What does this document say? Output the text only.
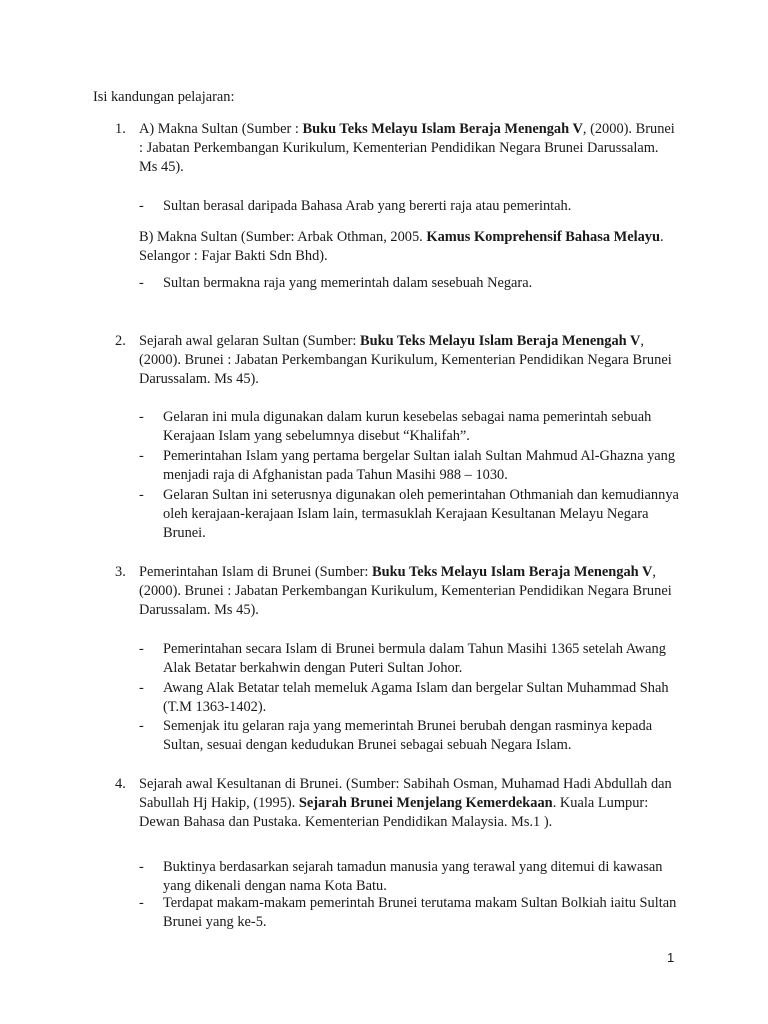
Isi kandungan pelajaran:
1. A) Makna Sultan (Sumber : Buku Teks Melayu Islam Beraja Menengah V, (2000). Brunei : Jabatan Perkembangan Kurikulum, Kementerian Pendidikan Negara Brunei Darussalam. Ms 45).
- Sultan berasal daripada Bahasa Arab yang bererti raja atau pemerintah.
B) Makna Sultan (Sumber: Arbak Othman, 2005. Kamus Komprehensif Bahasa Melayu. Selangor : Fajar Bakti Sdn Bhd).
- Sultan bermakna raja yang memerintah dalam sesebuah Negara.
2. Sejarah awal gelaran Sultan (Sumber: Buku Teks Melayu Islam Beraja Menengah V, (2000). Brunei : Jabatan Perkembangan Kurikulum, Kementerian Pendidikan Negara Brunei Darussalam. Ms 45).
- Gelaran ini mula digunakan dalam kurun kesebelas sebagai nama pemerintah sebuah Kerajaan Islam yang sebelumnya disebut “Khalifah”.
- Pemerintahan Islam yang pertama bergelar Sultan ialah Sultan Mahmud Al-Ghazna yang menjadi raja di Afghanistan pada Tahun Masihi 988 – 1030.
- Gelaran Sultan ini seterusnya digunakan oleh pemerintahan Othmaniah dan kemudiannya oleh kerajaan-kerajaan Islam lain, termasuklah Kerajaan Kesultanan Melayu Negara Brunei.
3. Pemerintahan Islam di Brunei (Sumber: Buku Teks Melayu Islam Beraja Menengah V, (2000). Brunei : Jabatan Perkembangan Kurikulum, Kementerian Pendidikan Negara Brunei Darussalam. Ms 45).
- Pemerintahan secara Islam di Brunei bermula dalam Tahun Masihi 1365 setelah Awang Alak Betatar berkahwin dengan Puteri Sultan Johor.
- Awang Alak Betatar telah memeluk Agama Islam dan bergelar Sultan Muhammad Shah (T.M 1363-1402).
- Semenjak itu gelaran raja yang memerintah Brunei berubah dengan rasminya kepada Sultan, sesuai dengan kedudukan Brunei sebagai sebuah Negara Islam.
4. Sejarah awal Kesultanan di Brunei. (Sumber: Sabihah Osman, Muhamad Hadi Abdullah dan Sabullah Hj Hakip, (1995). Sejarah Brunei Menjelang Kemerdekaan. Kuala Lumpur: Dewan Bahasa dan Pustaka. Kementerian Pendidikan Malaysia. Ms.1 ).
- Buktinya berdasarkan sejarah tamadun manusia yang terawal yang ditemui di kawasan yang dikenali dengan nama Kota Batu.
- Terdapat makam-makam pemerintah Brunei terutama makam Sultan Bolkiah iaitu Sultan Brunei yang ke-5.
1
